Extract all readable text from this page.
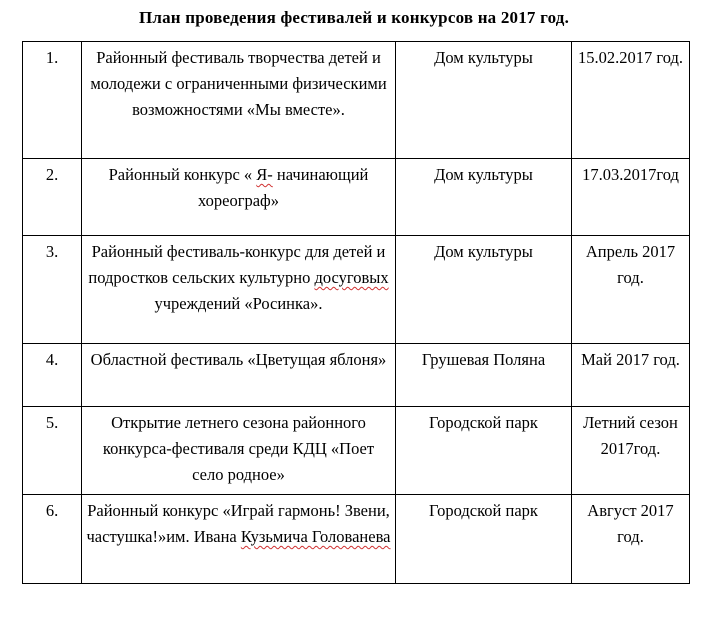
План проведения фестивалей и конкурсов на 2017 год.
1.	Районный фестиваль творчества детей и молодежи с ограниченными физическими возможностями «Мы вместе».	Дом культуры	15.02.2017 год.
2.	Районный конкурс « Я- начинающий хореограф»	Дом культуры	17.03.2017год
3.	Районный фестиваль-конкурс для детей и подростков сельских культурно досуговых учреждений «Росинка».	Дом культуры	Апрель 2017 год.
4.	Областной фестиваль «Цветущая яблоня»	Грушевая Поляна	Май 2017 год.
5.	Открытие летнего сезона районного конкурса-фестиваля среди КДЦ «Поет село родное»	Городской парк	Летний сезон 2017год.
6.	Районный конкурс «Играй гармонь! Звени, частушка!»им. Ивана Кузьмича Голованева	Городской парк	Август 2017 год.
